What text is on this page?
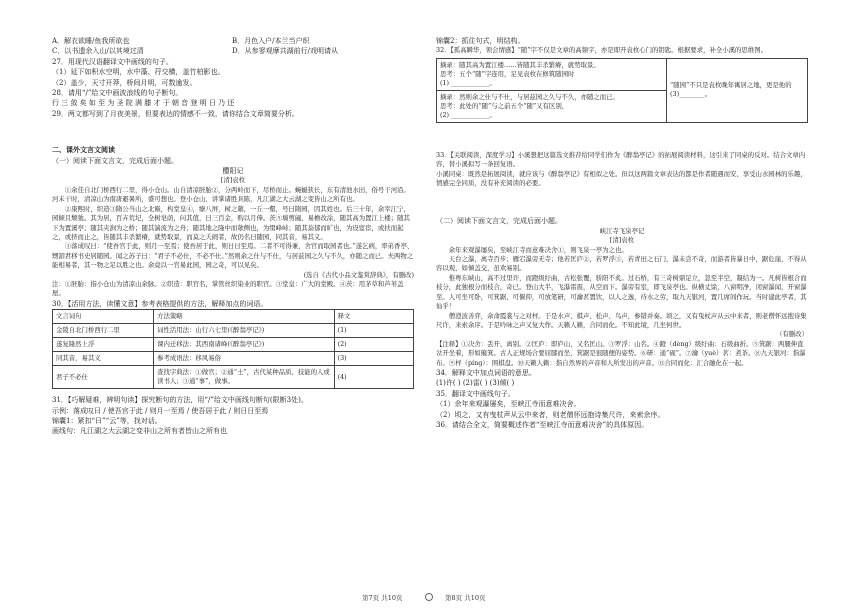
A．解衣欲睡/鱼我所欲也	B．月色入户/本兰当户织
C．以书遗余入山/以其境过清	D．从参寥观摩共湖前行/戏明请从
27．用现代汉语翻译文中画线的句子。
（1）延下如积水空明，水中藻、荇交横，盖竹柏影也。
（2）盖少，天寸开莽，桥间月明，可数逾发。
28．请用“/”给文中画波浪线的句子断句。
行 三 敛 矣 如 至 为 圣 院 满 膝 才 于 朝 音 登 明 日 乃 还
29．两文都写到了月夜美景，但要表达的情感不一致，请你结合文章简要分析。
二、课外文言文阅读
（一）阅读下面文言文，完成后面小题。
醴阳记
[清]袁枚

①余佳自北门桥西行二里，得小仓山。山自清凉胚胎②，分两岭而下，尽桥而止。蜿蜒狭长，东有清池水田，俗号干河沿。河未干时，清凉山为南唐避暑所，盛可想也。登小仓山，讲掌诸胜具陈，凡江湖之大云湖之变皆山之所有也。

②康熙时，织造③隋公当山之北巅，构堂皇④，缭八屏，树之蘩，一丘一壑，号曰隋园，因其姓也。后三十年，余宰江宁，园倾且颓弛。其为居，百卉荒圮，全树皂荫，问其值，曰三百金，购以月俸。茨⑤墙剪阖，易檐改涂，随其高为置江上楼；随其下为置溪亭；随其夹涧为之桥；随其湍流为之舟；随其地之隆中而欹侧也，为缀峰峙；随其蓊郁而旷也，为设宧宦，或扶而起之，或挤而止之，皆随其丰杀繁瘠，就势取景，而莫之夭阏者，故仍名曰随园，同其音，易其义。

③落成叹曰：“使吾官于此，则月一至焉；使吾居于此，则日日至焉。二者不可得兼，舍官而取园者也。”遂乞病，率弟香亭、甥湄君移书史居随园。闻之苏子曰：“君子不必仕，不必不仕。”然则余之仕与不仕，与居兹园之久与不久，亦随之而已。夫两物之能相易者，其一物之足以胜之也。余竟以一官易此园，园之奇，可以见矣。

(选自《古代小品文鉴赏辞典》，有删改)
注：①胚胎：指小仓山为清凉山余脉。②织造：职官名，掌管丝织染业的职官。③堂皇：广大的堂殿。④茨：用茅草和芦苇盖屋。
30．【活用方法，读懂文意】参考表格提供的方法，解释加点的词语。
文言词句	方法策略	释文
金陵自北门桥西行二里	词性活用法：山行六七里(《醉翁亭记》)	(1)
遂复隆然上浮	课内迁移法：其西南诸峰(《醉翁亭记》)	(2)
同其音，易其义	参考成语法：移风易俗	(3)
君子不必仕	查找字典法：①做官；②通“士”，古代某种品质、技能的人或读书人；③通“事”，做事。	(4)
31．【巧解疑难，辨明句读】探究断句的方法，用“/”给文中画线句断句(限断3处)。
示例：落成叹曰 / 使吾官于此 / 则月一至焉 / 使吾居于此 / 则日日至焉
锦囊1：紧扣“曰”“云”等，找对话。
画线句：凡江湖之大云湖之变非山之所有者皆山之所有也
锦囊2：抓住句式，明结构。
32．【孤高瞬华，领会情感】“随”字不仅是文章的高频字，亦是即开袁枚心门的钥匙。根据要求，补全小溪的思维图。
摘录：随其高为置江楼……皆随其丰杀繁瘠，就势取景。
思考：五个“随”字连用，足见袁枚在修筑随园时
(1) ____________。	“随园”不只是袁枚晚年寓居之地，更是他的
(3)________。

摘录：然则余之仕与不仕，与居兹园之久与不久，亦随之而已。
思考：此处的“随”与之前五个“随”又有区别，
(2) ____________。
33．【关联阅读，深度学习】小溪想把这篇选文推荐给同学们作为《醉翁亭记》的拓展阅读材料，这引来了同桌的反对。结合文章内容，替小溪拟写一条回复语。
小溪同桌：既然是拓展阅读，就应该与《醉翁亭记》有相似之处。但以这两篇文章表达的都是作者随遇而安、享受山水园林的乐趣，情感完全同质，没有补充阅读的必要。
（二）阅读下面文言文，完成后面小题。
峡江寺飞泉亭记
[清]袁枚

余年来观瀑屡矣，至峡江寺而意难决舍①，则飞泉一亭为之也。

天台之瀑，离寺百步；雁宕瀑旁无寺；他若匡庐②，若罗浮③，若青田之石门，瀑未尝不奇，而游者皆暴日中，踞危崖，不得从容以观，如倾盖交，虽欢易别。

惟粤东峡山，高不过里许，而蹬级纡曲，古松张覆，骄阳不炙。过石桥，有三奇树鼎足立，忽至半空，凝结为一。凡树皆根合而枝分，此独根分而枝合，奇已。登山大半，飞瀑雷震，从空而下。瀑旁有室，即飞泉亭也。纵横丈馀，八窗明净，闭窗瀑闻，开窗瀑至。人可坐可卧，可箕踞，可偃仰，可放笔研，可瀹茗置饮，以人之逸，待水之劳，取九天银河，置几席间作玩。当时建此亭者，其仙乎！

僧澄波善弈，余命霞裳与之对枰。于是水声、棋声、松声、鸟声，参错并奏。顷之，又有曳杖声从云中来者，则老僧怀远抱诗集尺许，来索余序。于是吟咏之声又复大作。天籁人籁，合同而化。不知此境，几坐何世。

（有删改）
【注释】①决舍：丢开、离别。②匡庐：即庐山，又名匡山。③罗浮：山名。④蹬（dèng）级纡曲：石级曲折。⑤箕踞：两腿伸直岔开坐着，形如簸箕。古人正规场合要屈膝而坐，箕踞是很随便的姿势。⑥研：通“砚”。⑦瀹（yuè）茗：煮茶。⑧九天银河：指瀑布。⑨枰（píng）：围棋盘。⑩天籁人籁：指自然界的声音和人所发出的声音。⑪合同而化：汇合融化在一起。
34．解释文中加点词语的意思。
(1)许( ) (2)雷( ) (3)倾( )
35．翻译文中画线句子。
（1）余年来观瀑屡矣，至峡江寺而意难决舍。
（2）顷之，又有曳杖声从云中来者，则老僧怀远抱诗集尺许，来索余序。
36．请结合全文，简要概述作者“至峡江寺而意难决舍”的具体原因。
第7页 共10页	第8页 共10页
